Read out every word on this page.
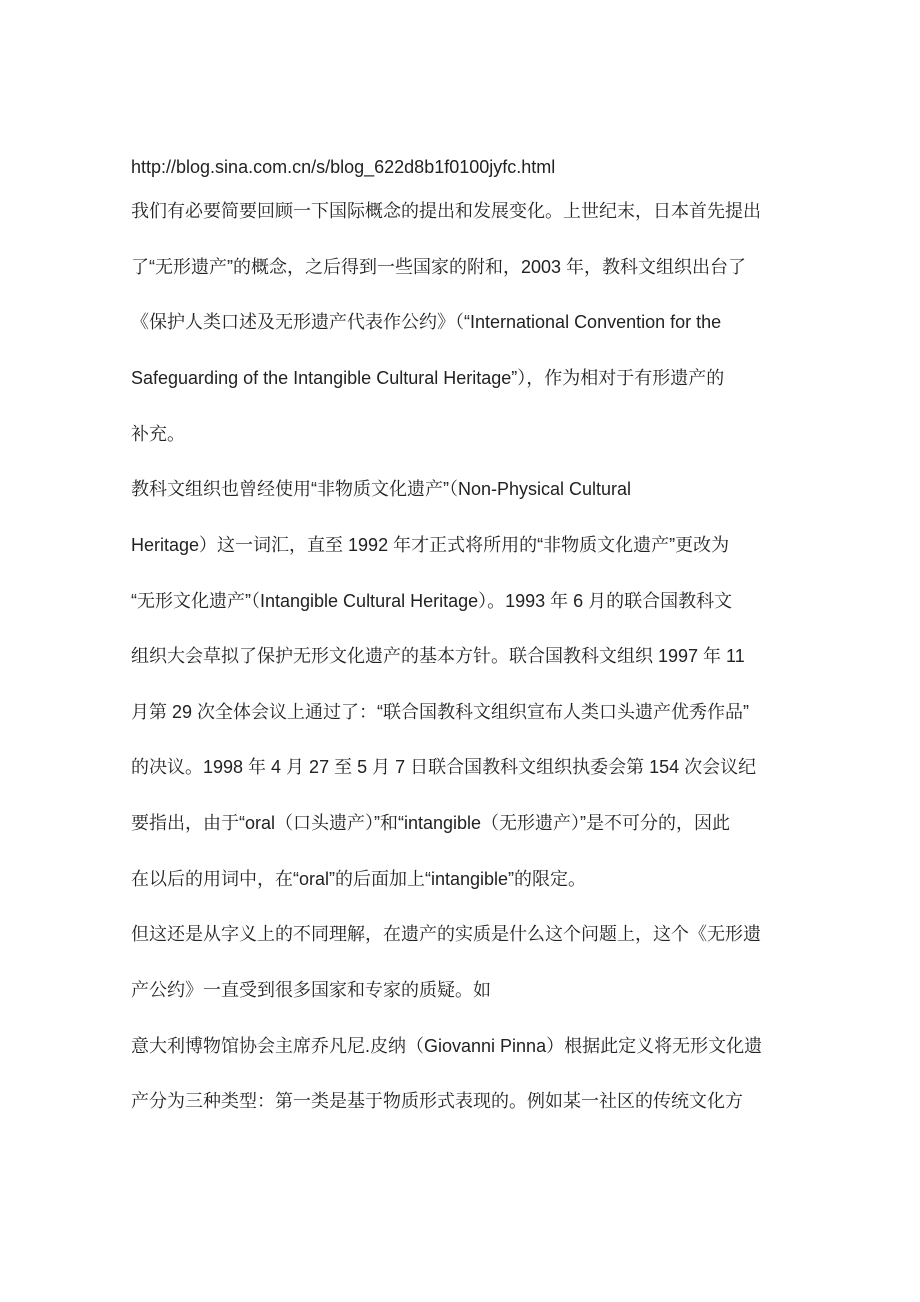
http://blog.sina.com.cn/s/blog_622d8b1f0100jyfc.html
我们有必要简要回顾一下国际概念的提出和发展变化。上世纪末，日本首先提出
了“无形遗产”的概念，之后得到一些国家的附和，2003 年，教科文组织出台了
《保护人类口述及无形遗产代表作公约》（“International Convention for the
Safeguarding of the Intangible Cultural Heritage”），作为相对于有形遗产的
补充。
教科文组织也曾经使用“非物质文化遗产”（Non-Physical Cultural
Heritage）这一词汇，直至 1992 年才正式将所用的“非物质文化遗产”更改为
“无形文化遗产”（Intangible Cultural Heritage）。1993 年 6 月的联合国教科文
组织大会草拟了保护无形文化遗产的基本方针。联合国教科文组织 1997 年 11
月第 29 次全体会议上通过了：“联合国教科文组织宣布人类口头遗产优秀作品”
的决议。1998 年 4 月 27 至 5 月 7 日联合国教科文组织执委会第 154 次会议纪
要指出，由于“oral（口头遗产）”和“intangible（无形遗产）”是不可分的，因此
在以后的用词中，在“oral”的后面加上“intangible”的限定。
但这还是从字义上的不同理解，在遗产的实质是什么这个问题上，这个《无形遗
产公约》一直受到很多国家和专家的质疑。如
意大利博物馆协会主席乔凡尼.皮纳（Giovanni Pinna）根据此定义将无形文化遗
产分为三种类型：第一类是基于物质形式表现的。例如某一社区的传统文化方
